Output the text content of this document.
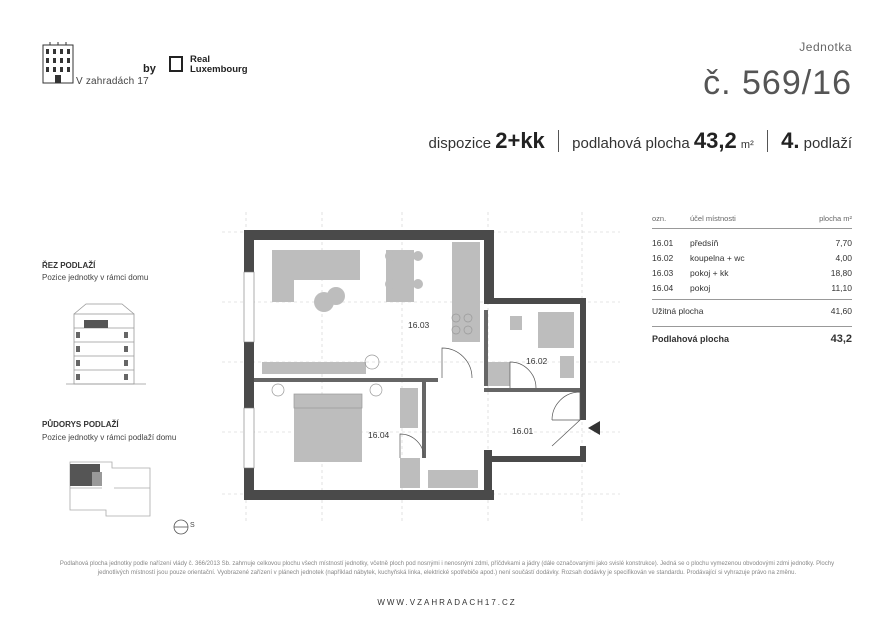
V zahradách 17
by
Real
Luxembourg
Jednotka
č. 569/16
dispozice 2+kk podlahová plocha 43,2 m² 4. podlaží
ŘEZ PODLAŽÍ
Pozice jednotky v rámci domu
PŮDORYS PODLAŽÍ
Pozice jednotky v rámci podlaží domu
S
16.03
16.02
16.04	16.01
ozn.	účel místnosti	plocha m²
16.01	předsíň	7,70
16.02	koupelna + wc	4,00
16.03	pokoj + kk	18,80
16.04	pokoj	11,10
Užitná plocha	41,60
Podlahová plocha	43,2
Podlahová plocha jednotky podle nařízení vlády č. 366/2013 Sb. zahrnuje celkovou plochu všech místností jednotky, včetně ploch pod nosnými i nenosnými zdmi, příčdvkami a jádry (dále označovanými jako svislé konstrukce). Jedná se o plochu vymezenou obvodovými zdmi jednotky. Plochy jednotlivých místností jsou pouze orientační. Vyobrazené zařízení v plánech jednotek (například nábytek, kuchyňská linka, elektrické spotřebiče apod.) není součástí dodávky. Rozsah dodávky je specifikován ve standardu. Prodávající si vyhrazuje právo na změnu.
WWW.VZAHRADACH17.CZ
